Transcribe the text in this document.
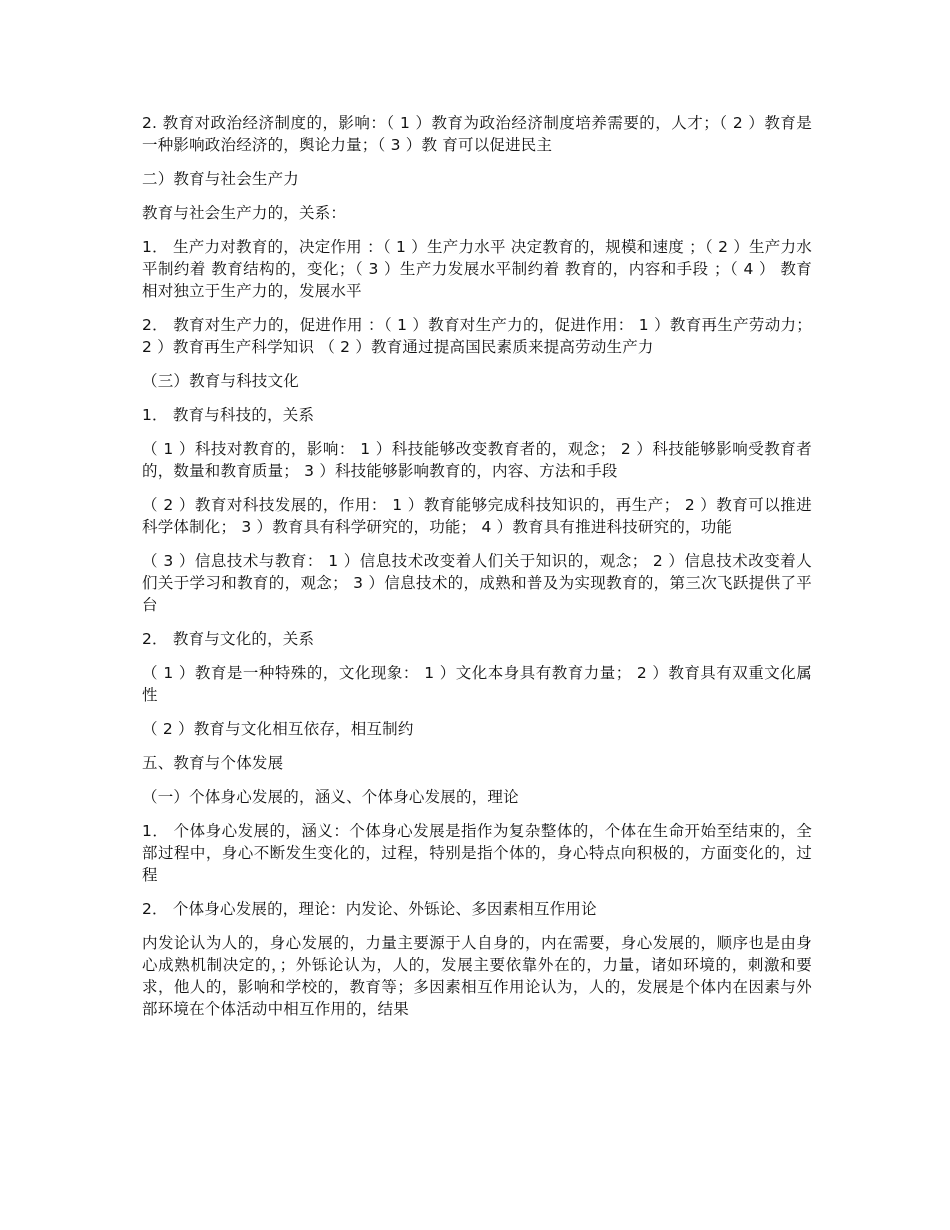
2. 教育对政治经济制度的，影响：（ 1 ）教育为政治经济制度培养需要的，人才；（ 2 ）教育是一种影响政治经济的，舆论力量；（ 3 ）教 育可以促进民主

二）教育与社会生产力

教育与社会生产力的，关系：

1． 生产力对教育的，决定作用 ：（ 1 ）生产力水平 决定教育的，规模和速度 ；（ 2 ）生产力水平制约着 教育结构的，变化；（ 3 ）生产力发展水平制约着 教育的，内容和手段 ；（ 4 ） 教育相对独立于生产力的，发展水平

2． 教育对生产力的，促进作用 ：（ 1 ）教育对生产力的，促进作用： 1 ）教育再生产劳动力； 2 ）教育再生产科学知识 （ 2 ）教育通过提高国民素质来提高劳动生产力

（三）教育与科技文化

1． 教育与科技的，关系

（ 1 ）科技对教育的，影响： 1 ）科技能够改变教育者的，观念； 2 ）科技能够影响受教育者的，数量和教育质量； 3 ）科技能够影响教育的，内容、方法和手段

（ 2 ）教育对科技发展的，作用： 1 ）教育能够完成科技知识的，再生产； 2 ）教育可以推进科学体制化； 3 ）教育具有科学研究的，功能； 4 ）教育具有推进科技研究的，功能

（ 3 ）信息技术与教育： 1 ）信息技术改变着人们关于知识的，观念； 2 ）信息技术改变着人们关于学习和教育的，观念； 3 ）信息技术的，成熟和普及为实现教育的，第三次飞跃提供了平台

2． 教育与文化的，关系

（ 1 ）教育是一种特殊的，文化现象： 1 ）文化本身具有教育力量； 2 ）教育具有双重文化属性

（ 2 ）教育与文化相互依存，相互制约

五、教育与个体发展

（一）个体身心发展的，涵义、个体身心发展的，理论

1． 个体身心发展的，涵义：个体身心发展是指作为复杂整体的，个体在生命开始至结束的，全部过程中，身心不断发生变化的，过程，特别是指个体的，身心特点向积极的，方面变化的，过程

2． 个体身心发展的，理论：内发论、外铄论、多因素相互作用论

内发论认为人的，身心发展的，力量主要源于人自身的，内在需要，身心发展的，顺序也是由身心成熟机制决定的，；外铄论认为，人的，发展主要依靠外在的，力量，诸如环境的，刺激和要求，他人的，影响和学校的，教育等；多因素相互作用论认为，人的，发展是个体内在因素与外部环境在个体活动中相互作用的，结果
